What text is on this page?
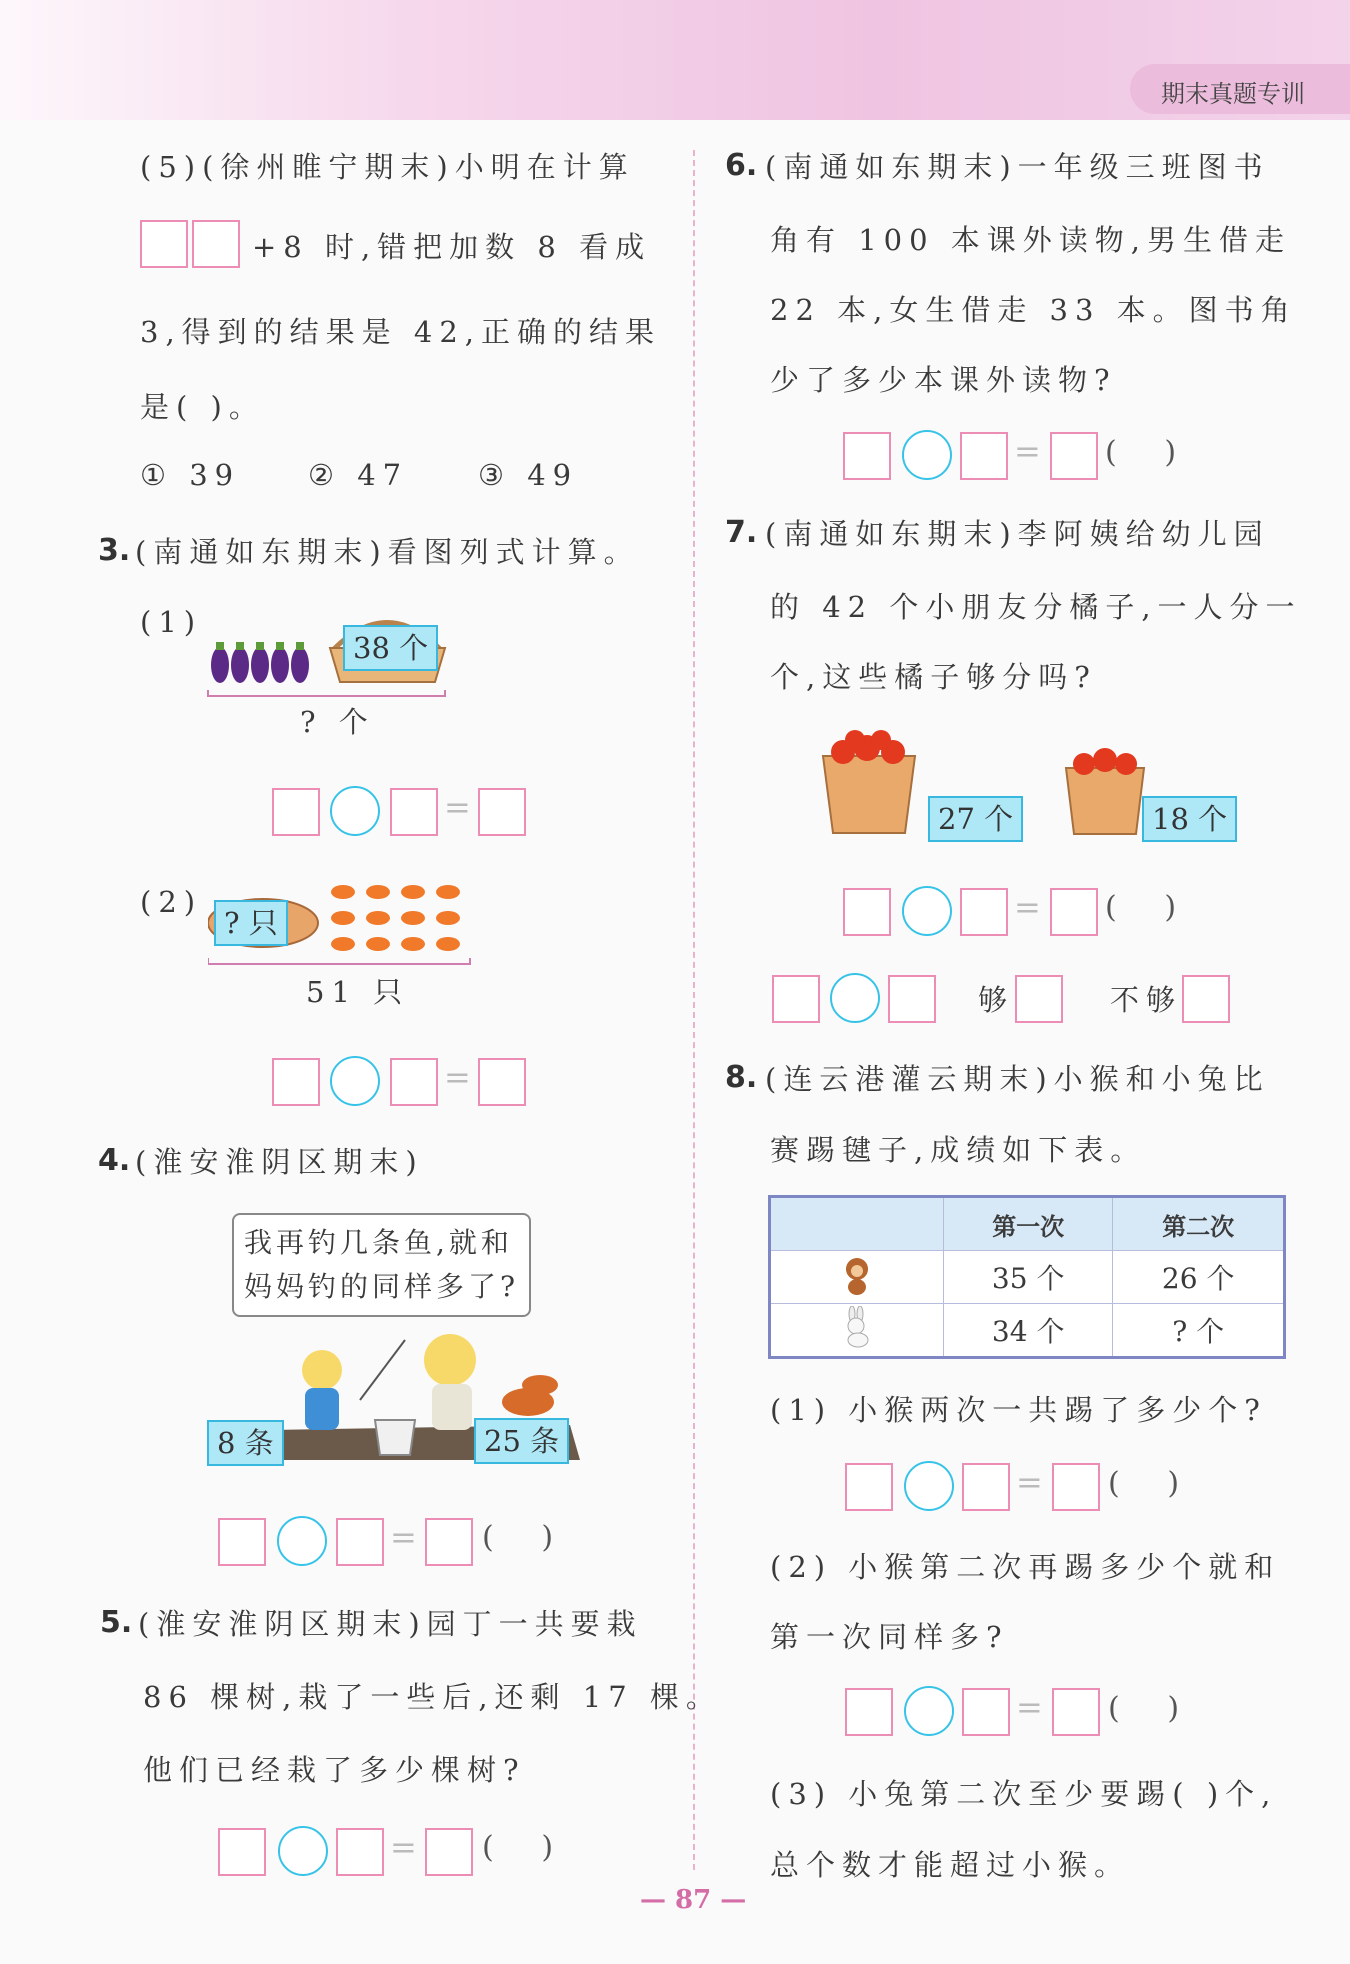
期末真题专训
(5)(徐州睢宁期末)小明在计算
+8 时,错把加数 8 看成
3,得到的结果是 42,正确的结果
是( )。
① 39 ② 47 ③ 49
3. (南通如东期末)看图列式计算。
(1)
38 个
? 个
=
(2)
? 只
51 只
=
4. (淮安淮阴区期末)
我再钓几条鱼,就和
妈妈钓的同样多了?
8 条	25 条
= (     )
5. (淮安淮阴区期末)园丁一共要栽
86 棵树,栽了一些后,还剩 17 棵。
他们已经栽了多少棵树?
= (     )
6. (南通如东期末)一年级三班图书
角有 100 本课外读物,男生借走
22 本,女生借走 33 本。图书角
少了多少本课外读物?
= (     )
7. (南通如东期末)李阿姨给幼儿园
的 42 个小朋友分橘子,一人分一
个,这些橘子够分吗?
27 个	18 个
= (     )
够	不够
8. (连云港灌云期末)小猴和小兔比
赛踢毽子,成绩如下表。
	第一次	第二次
	35 个	26 个
	34 个	? 个
(1) 小猴两次一共踢了多少个?
= (     )
(2) 小猴第二次再踢多少个就和
第一次同样多?
= (     )
(3) 小兔第二次至少要踢( )个,
总个数才能超过小猴。
— 87 —
